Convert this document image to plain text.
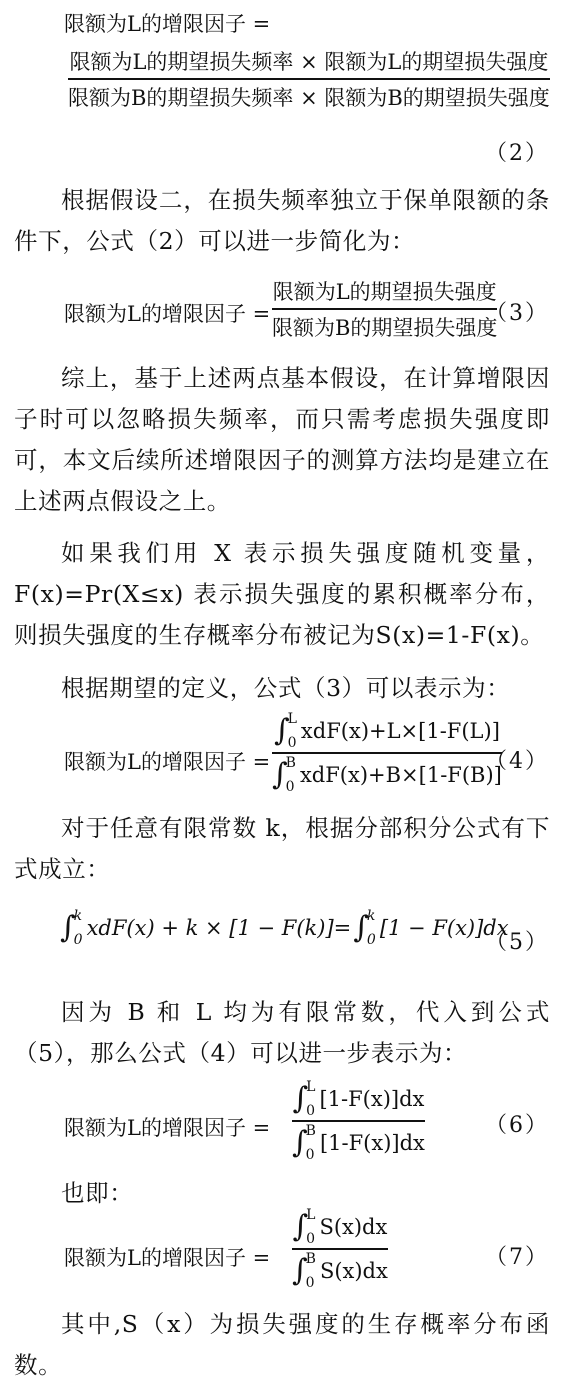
限额为L的增限因子 =
限额为L的期望损失频率 × 限额为L的期望损失强度
限额为B的期望损失频率 × 限额为B的期望损失强度
（2）
根据假设二，在损失频率独立于保单限额的条件下，公式（2）可以进一步简化为：
限额为L的增限因子 =
限额为L的期望损失强度
限额为B的期望损失强度
（3）
综上，基于上述两点基本假设，在计算增限因子时可以忽略损失频率，而只需考虑损失强度即可，本文后续所述增限因子的测算方法均是建立在上述两点假设之上。
如果我们用 X 表示损失强度随机变量，F(x)=Pr(X≤x) 表示损失强度的累积概率分布，则损失强度的生存概率分布被记为S(x)=1-F(x)。
根据期望的定义，公式（3）可以表示为：
限额为L的增限因子 =
∫
L
0 xdF(x)+L×[1-F(L)]
∫
B
0 xdF(x)+B×[1-F(B)]
（4）
对于任意有限常数 k，根据分部积分公式有下式成立：
∫
k
0 xdF(x) + k × [1 − F(k)]= ∫
k
0 [1 − F(x)]dx
（5）
因为 B 和 L 均为有限常数，代入到公式（5），那么公式（4）可以进一步表示为：
限额为L的增限因子 =
∫
L
0 [1-F(x)]dx
∫
B
0 [1-F(x)]dx
（6）
也即：
限额为L的增限因子 =
∫
L
0 S(x)dx
∫
B
0 S(x)dx
（7）
其中,S（x）为损失强度的生存概率分布函数。
